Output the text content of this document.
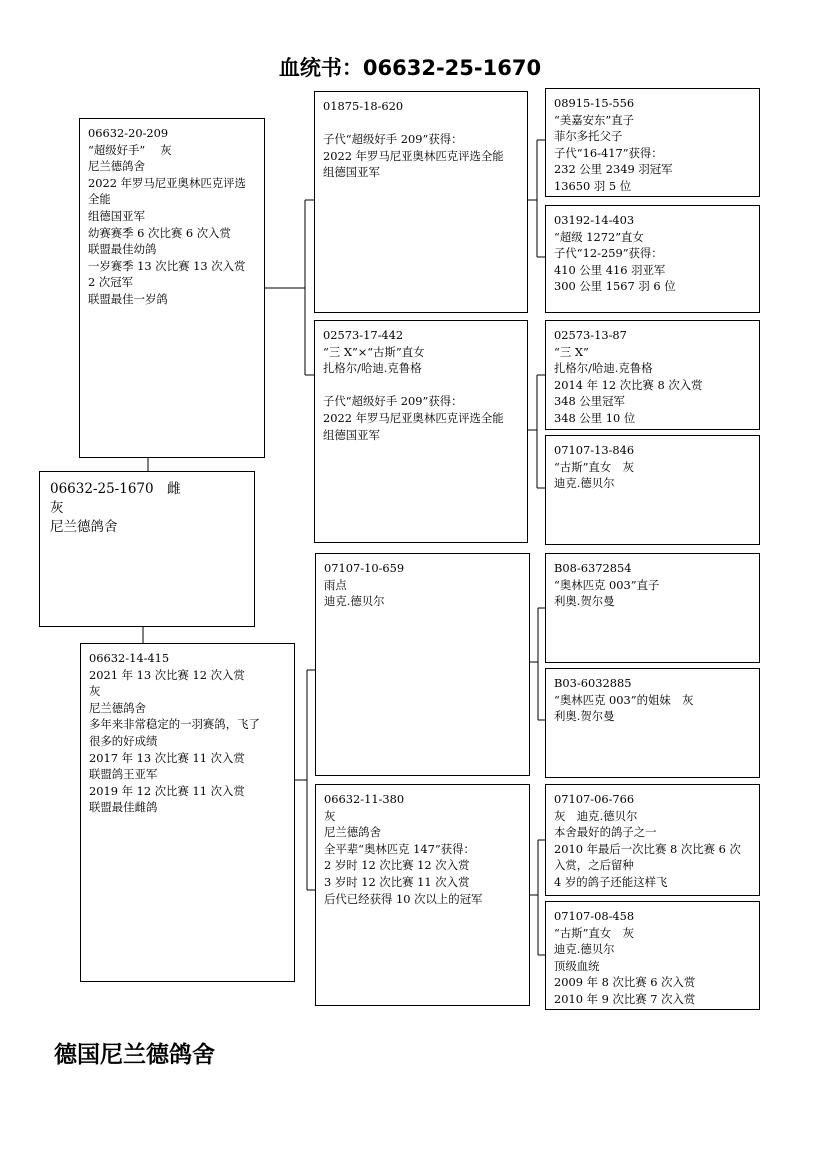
血统书：06632-25-1670
06632-25-1670　雌
灰
尼兰德鸽舍
06632-20-209
“超级好手”　 灰
尼兰德鸽舍
2022 年罗马尼亚奥林匹克评选全能
组德国亚军
幼赛赛季 6 次比赛 6 次入赏
联盟最佳幼鸽
一岁赛季 13 次比赛 13 次入赏
2 次冠军
联盟最佳一岁鸽
06632-14-415
2021 年 13 次比赛 12 次入赏
灰
尼兰德鸽舍
多年来非常稳定的一羽赛鸽，飞了
很多的好成绩
2017 年 13 次比赛 11 次入赏
联盟鸽王亚军
2019 年 12 次比赛 11 次入赏
联盟最佳雌鸽
01875-18-620
子代“超级好手 209”获得：
2022 年罗马尼亚奥林匹克评选全能
组德国亚军
02573-17-442
“三 X”×“古斯”直女
扎格尔/哈迪.克鲁格
子代“超级好手 209”获得：
2022 年罗马尼亚奥林匹克评选全能
组德国亚军
07107-10-659
雨点
迪克.德贝尔
06632-11-380
灰
尼兰德鸽舍
全平辈“奥林匹克 147”获得：
2 岁时 12 次比赛 12 次入赏
3 岁时 12 次比赛 11 次入赏
后代已经获得 10 次以上的冠军
08915-15-556
“美嘉安东”直子
菲尔多托父子
子代“16-417”获得：
232 公里 2349 羽冠军
13650 羽 5 位
03192-14-403
“超级 1272”直女
子代“12-259”获得：
410 公里 416 羽亚军
300 公里 1567 羽 6 位
02573-13-87
“三 X”
扎格尔/哈迪.克鲁格
2014 年 12 次比赛 8 次入赏
348 公里冠军
348 公里 10 位
07107-13-846
“古斯”直女　灰
迪克.德贝尔
B08-6372854
“奥林匹克 003”直子
利奥.贺尔曼
B03-6032885
“奥林匹克 003”的姐妹　灰
利奥.贺尔曼
07107-06-766
灰　迪克.德贝尔
本舍最好的鸽子之一
2010 年最后一次比赛 8 次比赛 6 次
入赏，之后留种
4 岁的鸽子还能这样飞
07107-08-458
“古斯”直女　灰
迪克.德贝尔
顶级血统
2009 年 8 次比赛 6 次入赏
2010 年 9 次比赛 7 次入赏
德国尼兰德鸽舍
